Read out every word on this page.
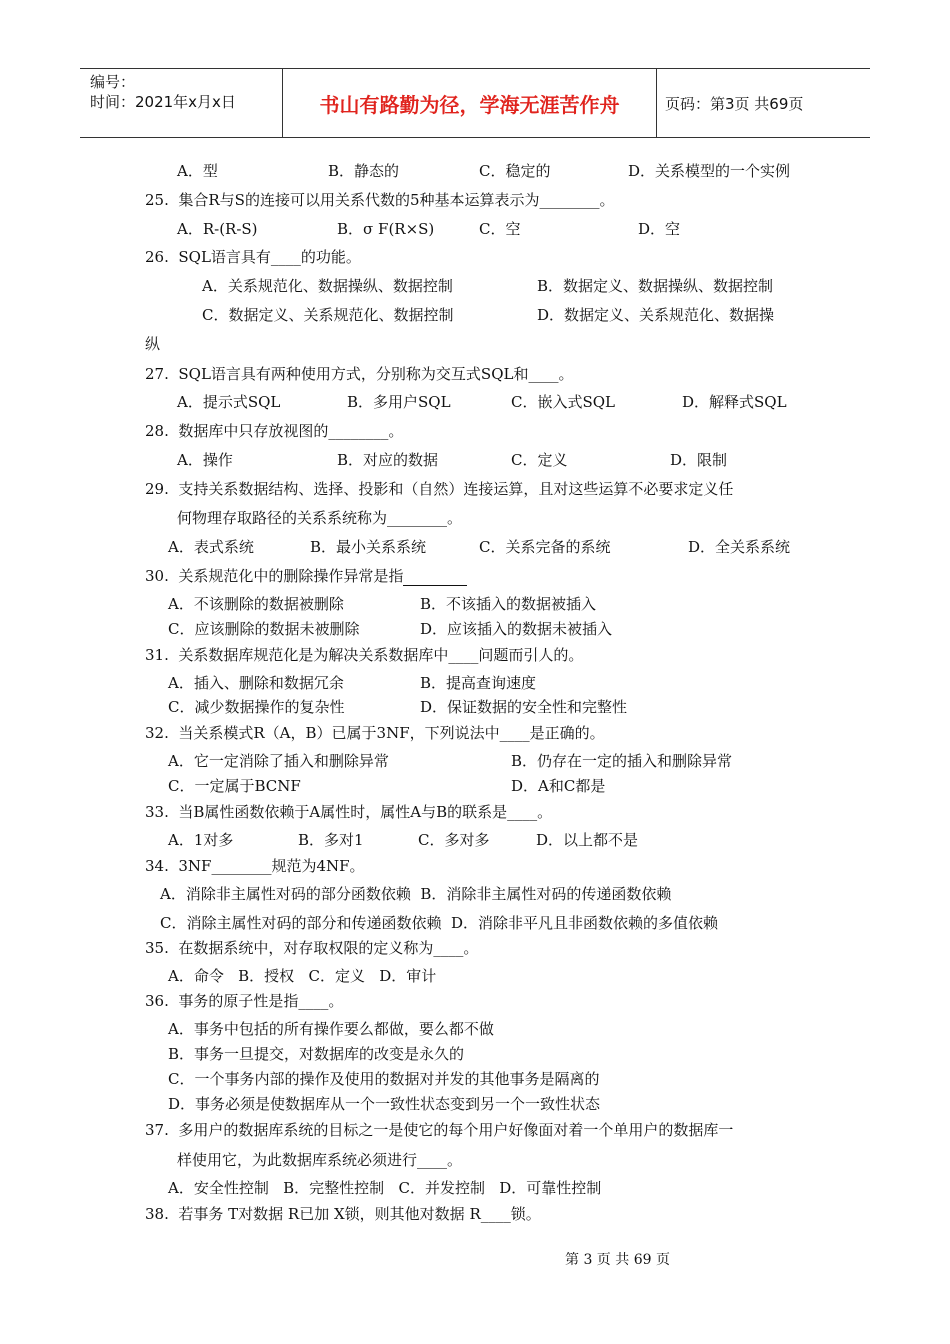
编号：
时间：2021年x月x日	书山有路勤为径，学海无涯苦作舟	页码：第3页 共69页
A．型	B．静态的	C．稳定的	D．关系模型的一个实例
25.  集合R与S的连接可以用关系代数的5种基本运算表示为________。
A．R-(R-S)	B．σ F(R×S)	C．空	D．空
26.  SQL语言具有____的功能。
A．关系规范化、数据操纵、数据控制	B．数据定义、数据操纵、数据控制
C．数据定义、关系规范化、数据控制	D．数据定义、关系规范化、数据操
纵
27.  SQL语言具有两种使用方式，分别称为交互式SQL和____。
A．提示式SQL	B．多用户SQL	C．嵌入式SQL	D．解释式SQL
28.  数据库中只存放视图的________。
A．操作	B．对应的数据	C．定义	D．限制
29.  支持关系数据结构、选择、投影和（自然）连接运算，且对这些运算不必要求定义任
何物理存取路径的关系系统称为________。
A．表式系统	B．最小关系系统	C．关系完备的系统	D．全关系系统
30.  关系规范化中的删除操作异常是指
A．不该删除的数据被删除	B．不该插入的数据被插入
C．应该删除的数据未被删除	D．应该插入的数据未被插入
31.  关系数据库规范化是为解决关系数据库中____问题而引人的。
A．插入、删除和数据冗余	B．提高查询速度
C．减少数据操作的复杂性	D．保证数据的安全性和完整性
32.  当关系模式R（A，B）已属于3NF，下列说法中____是正确的。
A．它一定消除了插入和删除异常	B．仍存在一定的插入和删除异常
C．一定属于BCNF	D．A和C都是
33.  当B属性函数依赖于A属性时，属性A与B的联系是____。
A．1对多	B．多对1	C．多对多	D．以上都不是
34.  3NF________规范为4NF。
A．消除非主属性对码的部分函数依赖  B．消除非主属性对码的传递函数依赖
C．消除主属性对码的部分和传递函数依赖  D．消除非平凡且非函数依赖的多值依赖
35.  在数据系统中，对存取权限的定义称为____。
A．命令   B．授权   C．定义   D．审计
36.  事务的原子性是指____。
A．事务中包括的所有操作要么都做，要么都不做
B．事务一旦提交，对数据库的改变是永久的
C．一个事务内部的操作及使用的数据对并发的其他事务是隔离的
D．事务必须是使数据库从一个一致性状态变到另一个一致性状态
37.  多用户的数据库系统的目标之一是使它的每个用户好像面对着一个单用户的数据库一
样使用它，为此数据库系统必须进行____。
A．安全性控制   B．完整性控制   C．并发控制   D．可靠性控制
38.  若事务 T对数据 R已加 X锁，则其他对数据 R____锁。
第 3 页 共 69 页
